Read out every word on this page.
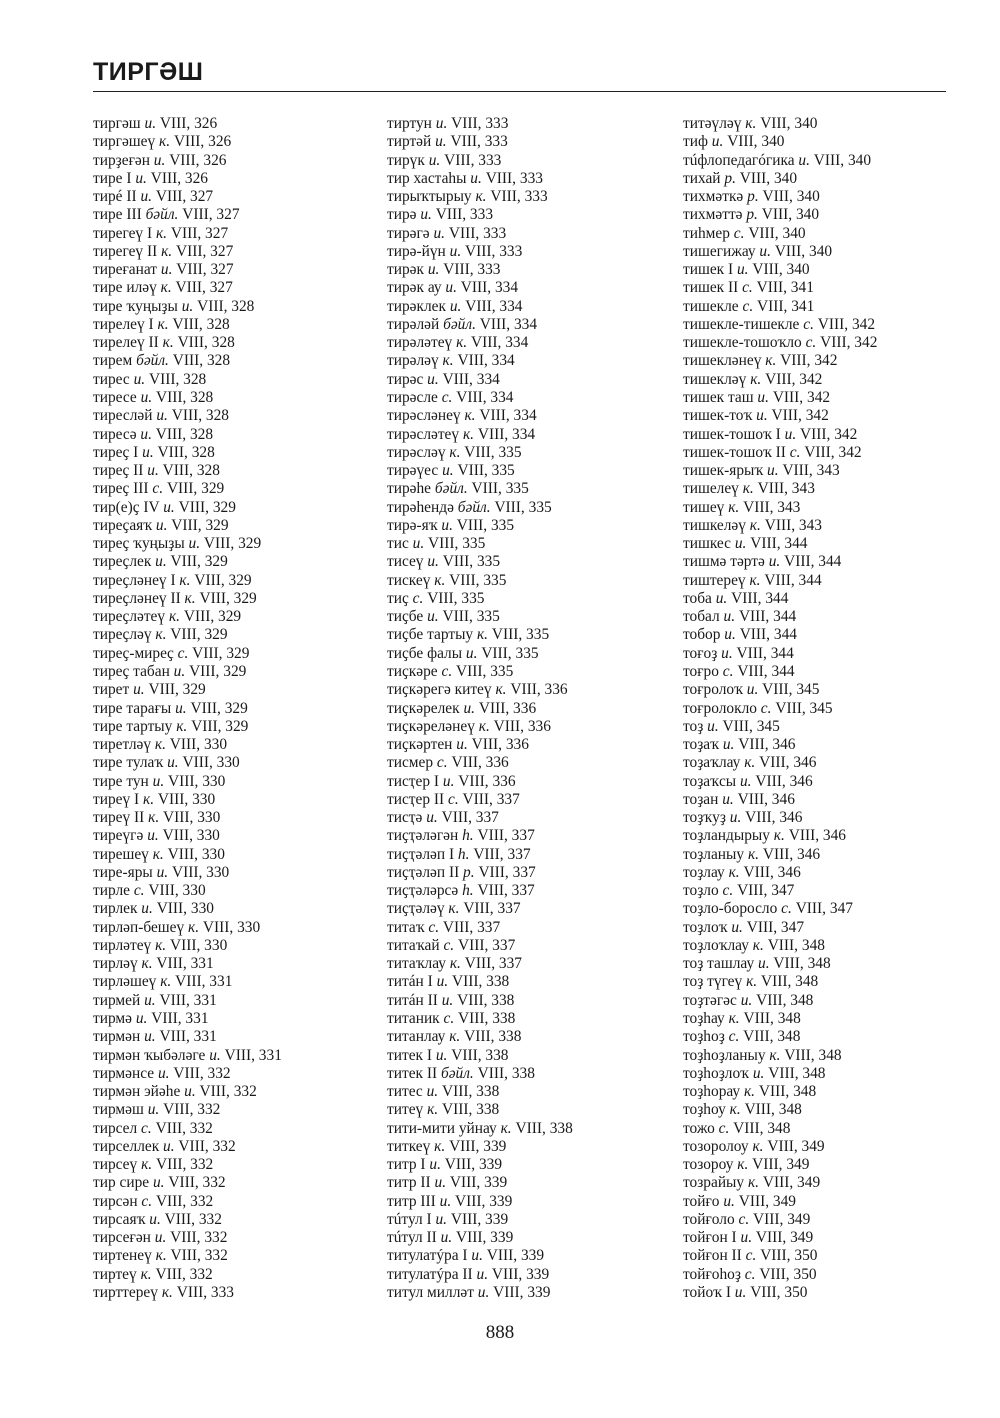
ТИРГӘШ
тиргәш и. VIII, 326
тиргәшеү к. VIII, 326
тирҙеғән и. VIII, 326
тире I и. VIII, 326
тирé II и. VIII, 327
тире III бәйл. VIII, 327
тирегеү I к. VIII, 327
тирегеү II к. VIII, 327
тиреғанат и. VIII, 327
тире иләү к. VIII, 327
тире ҡуңыҙы и. VIII, 328
тирелеү I к. VIII, 328
тирелеү II к. VIII, 328
тирем бәйл. VIII, 328
тирес и. VIII, 328
тиресе и. VIII, 328
тиреслəй и. VIII, 328
тиресә и. VIII, 328
тиреҫ I и. VIII, 328
тиреҫ II и. VIII, 328
тиреҫ III с. VIII, 329
тир(е)ҫ IV и. VIII, 329
тиреҫаяҡ и. VIII, 329
тиреҫ ҡуңыҙы и. VIII, 329
тиреҫлек и. VIII, 329
тиреҫләнеү I к. VIII, 329
тиреҫләнеү II к. VIII, 329
тиреҫләтеү к. VIII, 329
тиреҫләү к. VIII, 329
тиреҫ-миреҫ с. VIII, 329
тиреҫ табан и. VIII, 329
тирет и. VIII, 329
тире тарағы и. VIII, 329
тире тартыу к. VIII, 329
тиретләү к. VIII, 330
тире тулаҡ и. VIII, 330
тире тун и. VIII, 330
тиреү I к. VIII, 330
тиреү II к. VIII, 330
тиреүгә и. VIII, 330
тирешеү к. VIII, 330
тире-яры и. VIII, 330
тирле с. VIII, 330
тирлек и. VIII, 330
тирләп-бешеү к. VIII, 330
тирләтеү к. VIII, 330
тирләү к. VIII, 331
тирләшеү к. VIII, 331
тирмей и. VIII, 331
тирмә и. VIII, 331
тирмән и. VIII, 331
тирмән ҡыбәләге и. VIII, 331
тирмәнсе и. VIII, 332
тирмән эйәһе и. VIII, 332
тирмәш и. VIII, 332
тирсел с. VIII, 332
тирселлек и. VIII, 332
тирсеү к. VIII, 332
тир сире и. VIII, 332
тирсән с. VIII, 332
тирсаяҡ и. VIII, 332
тирсеғән и. VIII, 332
тиртенеү к. VIII, 332
тиртеү к. VIII, 332
тирттереү к. VIII, 333
тиртун и. VIII, 333
тиртәй и. VIII, 333
тирүк и. VIII, 333
тир хастаһы и. VIII, 333
тирыҡтырыу к. VIII, 333
тирә и. VIII, 333
тирәгә и. VIII, 333
тирә-йүн и. VIII, 333
тирәк и. VIII, 333
тирәк ау и. VIII, 334
тирәклек и. VIII, 334
тирәләй бәйл. VIII, 334
тирәләтеү к. VIII, 334
тирәләү к. VIII, 334
тирәс и. VIII, 334
тирәсле с. VIII, 334
тирәсләнеү к. VIII, 334
тирәсләтеү к. VIII, 334
тирәсләү к. VIII, 335
тирәүес и. VIII, 335
тирәһе бәйл. VIII, 335
тирәһендә бәйл. VIII, 335
тирә-яҡ и. VIII, 335
тис и. VIII, 335
тисеү и. VIII, 335
тискеү к. VIII, 335
тиҫ с. VIII, 335
тиҫбе и. VIII, 335
тиҫбе тартыу к. VIII, 335
тиҫбе фалы и. VIII, 335
тиҫкәре с. VIII, 335
тиҫкәрегә китеү к. VIII, 336
тиҫкәрелек и. VIII, 336
тиҫкәреләнеү к. VIII, 336
тиҫкәртен и. VIII, 336
тисмер с. VIII, 336
тисҭер I и. VIII, 336
тисҭер II с. VIII, 337
тисҭә и. VIII, 337
тиҫҭәләгән һ. VIII, 337
тиҫҭәләп I һ. VIII, 337
тиҫҭәләп II р. VIII, 337
тиҫҭәләрсә һ. VIII, 337
тиҫҭәләү к. VIII, 337
титаҡ с. VIII, 337
титаҡай с. VIII, 337
титаҡлау к. VIII, 337
титáн I и. VIII, 338
титáн II и. VIII, 338
титаник с. VIII, 338
титанлау к. VIII, 338
титек I и. VIII, 338
титек II бәйл. VIII, 338
титес и. VIII, 338
титеү к. VIII, 338
тити-мити уйнау к. VIII, 338
титкеү к. VIII, 339
титр I и. VIII, 339
титр II и. VIII, 339
титр III и. VIII, 339
тúтул I и. VIII, 339
тúтул II и. VIII, 339
титулатýра I и. VIII, 339
титулатýра II и. VIII, 339
титул милләт и. VIII, 339
титәүләү к. VIII, 340
тиф и. VIII, 340
тúфлопедагóгика и. VIII, 340
тихай р. VIII, 340
тихмәткә р. VIII, 340
тихмәттә р. VIII, 340
тиһмер с. VIII, 340
тишегижау и. VIII, 340
тишек I и. VIII, 340
тишек II с. VIII, 341
тишекле с. VIII, 341
тишекле-тишекле с. VIII, 342
тишекле-тошоҡло с. VIII, 342
тишекләнеү к. VIII, 342
тишекләү к. VIII, 342
тишек таш и. VIII, 342
тишек-тоҡ и. VIII, 342
тишек-тошоҡ I и. VIII, 342
тишек-тошоҡ II с. VIII, 342
тишек-ярыҡ и. VIII, 343
тишелеү к. VIII, 343
тишеү к. VIII, 343
тишкеләү к. VIII, 343
тишкес и. VIII, 344
тишмә тәртә и. VIII, 344
тиштереү к. VIII, 344
тоба и. VIII, 344
тобал и. VIII, 344
тобор и. VIII, 344
тоғоҙ и. VIII, 344
тоғро с. VIII, 344
тоғролоҡ и. VIII, 345
тоғролокло с. VIII, 345
тоҙ и. VIII, 345
тоҙаҡ и. VIII, 346
тоҙаҡлау к. VIII, 346
тоҙаҡсы и. VIII, 346
тоҙан и. VIII, 346
тоҙҡуҙ и. VIII, 346
тоҙландырыу к. VIII, 346
тоҙланыу к. VIII, 346
тоҙлау к. VIII, 346
тоҙло с. VIII, 347
тоҙло-боросло с. VIII, 347
тоҙлоҡ и. VIII, 347
тоҙлоҡлау к. VIII, 348
тоҙ ташлау и. VIII, 348
тоҙ түгеү к. VIII, 348
тоҙтәгәс и. VIII, 348
тоҙһау к. VIII, 348
тоҙһоҙ с. VIII, 348
тоҙһоҙланыу к. VIII, 348
тоҙһоҙлоҡ и. VIII, 348
тоҙһорау к. VIII, 348
тоҙһоу к. VIII, 348
тожо с. VIII, 348
тозоролоу к. VIII, 349
тозороу к. VIII, 349
тозрайыу к. VIII, 349
тойғо и. VIII, 349
тойғоло с. VIII, 349
тойғон I и. VIII, 349
тойғон II с. VIII, 350
тойғоһоҙ с. VIII, 350
тойоҡ I и. VIII, 350
888
